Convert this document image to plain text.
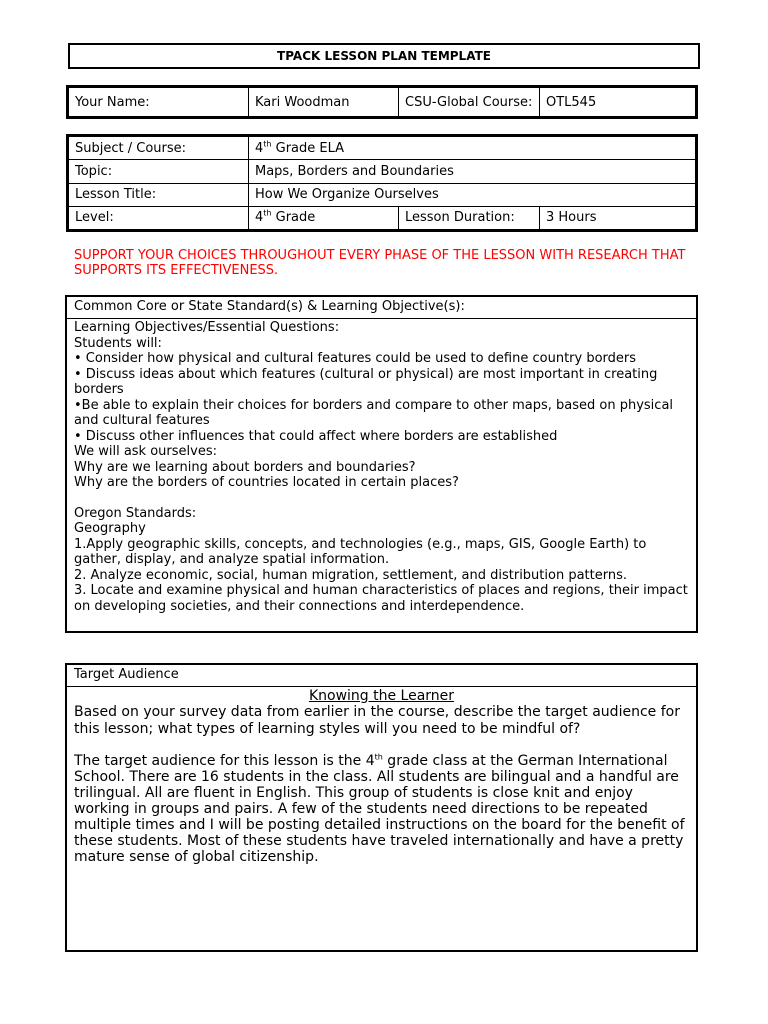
TPACK LESSON PLAN TEMPLATE
Your Name:	Kari Woodman	CSU-Global Course:	OTL545
Subject / Course:	4th Grade ELA		
Topic:	Maps, Borders and Boundaries		
Lesson Title:	How We Organize Ourselves		
Level:	4th Grade	Lesson Duration:	3 Hours
SUPPORT YOUR CHOICES THROUGHOUT EVERY PHASE OF THE LESSON WITH RESEARCH THAT SUPPORTS ITS EFFECTIVENESS.
Common Core or State Standard(s) & Learning Objective(s):
Learning Objectives/Essential Questions:
Students will:
• Consider how physical and cultural features could be used to define country borders
• Discuss ideas about which features (cultural or physical) are most important in creating borders
•Be able to explain their choices for borders and compare to other maps, based on physical and cultural features
• Discuss other influences that could affect where borders are established
We will ask ourselves:
Why are we learning about borders and boundaries?
Why are the borders of countries located in certain places?
Oregon Standards:
Geography
1.Apply geographic skills, concepts, and technologies (e.g., maps, GIS, Google Earth) to gather, display, and analyze spatial information.
2. Analyze economic, social, human migration, settlement, and distribution patterns.
3. Locate and examine physical and human characteristics of places and regions, their impact on developing societies, and their connections and interdependence.
Target Audience
Knowing the Learner
Based on your survey data from earlier in the course, describe the target audience for this lesson; what types of learning styles will you need to be mindful of?
The target audience for this lesson is the 4th grade class at the German International School. There are 16 students in the class. All students are bilingual and a handful are trilingual. All are fluent in English. This group of students is close knit and enjoy working in groups and pairs. A few of the students need directions to be repeated multiple times and I will be posting detailed instructions on the board for the benefit of these students. Most of these students have traveled internationally and have a pretty mature sense of global citizenship.
